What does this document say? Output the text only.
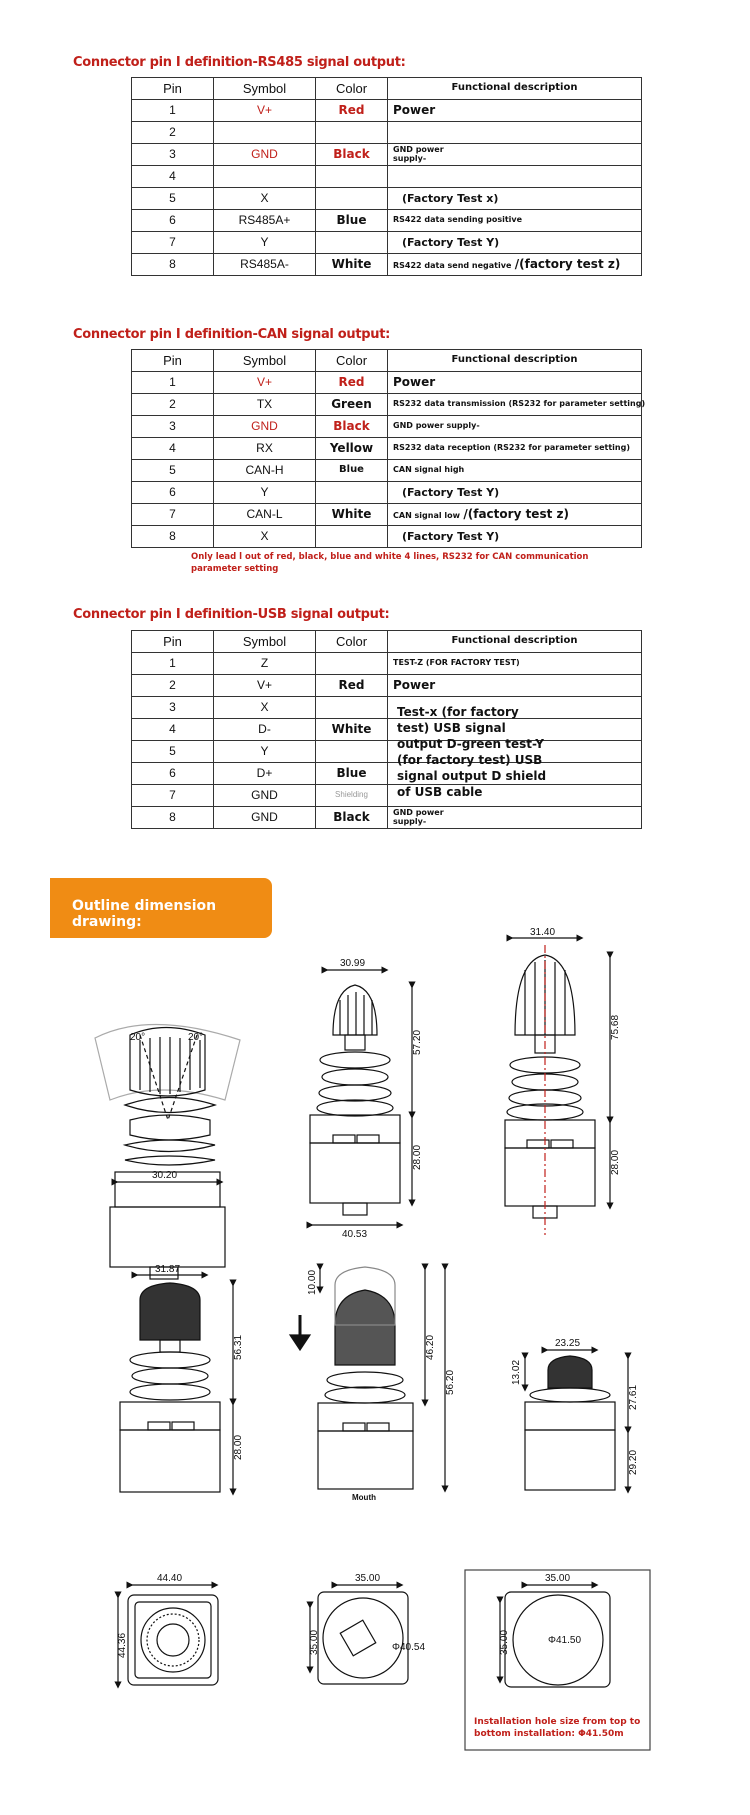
Connector pin I definition-RS485 signal output:
Pin	Symbol	Color	Functional description
1	V+	Red	Power
2			
3	GND	Black	GND power supply-

4			
5	X		(Factory Test x)
6	RS485A+	Blue	RS422 data sending positive
7	Y		(Factory Test Y)
8	RS485A-	White	RS422 data send negative /(factory test z)
Connector pin I definition-CAN signal output:
Pin	Symbol	Color	Functional description
1	V+	Red	Power
2	TX	Green	RS232 data transmission (RS232 for parameter setting)
3	GND	Black	GND power supply-
4	RX	Yellow	RS232 data reception (RS232 for parameter setting)
5	CAN-H	Blue	CAN signal high
6	Y		(Factory Test Y)
7	CAN-L	White	CAN signal low /(factory test z)
8	X		(Factory Test Y)
Only lead l out of red, black, blue and white 4 lines, RS232 for CAN communication parameter setting
Connector pin I definition-USB signal output:
Pin	Symbol	Color	Functional description
1	Z		TEST-Z (FOR FACTORY TEST)
2	V+	Red	Power
3	X		
4	D-	White	
5	Y		
6	D+	Blue	
7	GND	Shielding	
8	GND	Black	GND power supply-
Test-x (for factory
test) USB signal
output D-green test-Y
(for factory test) USB
signal output D shield
of USB cable
Outline dimension drawing:
20°	20°
30.20
30.99
57.20
28.00
40.53
31.40
75.68
28.00
31.87
56.31
28.00
10.00
46.20
56.20
Mouth
23.25
13.02
27.61
29.20
44.40
44.36
35.00
35.00	Φ40.54
35.00
35.00	Φ41.50
Installation hole size from top to bottom installation: Φ41.50m
